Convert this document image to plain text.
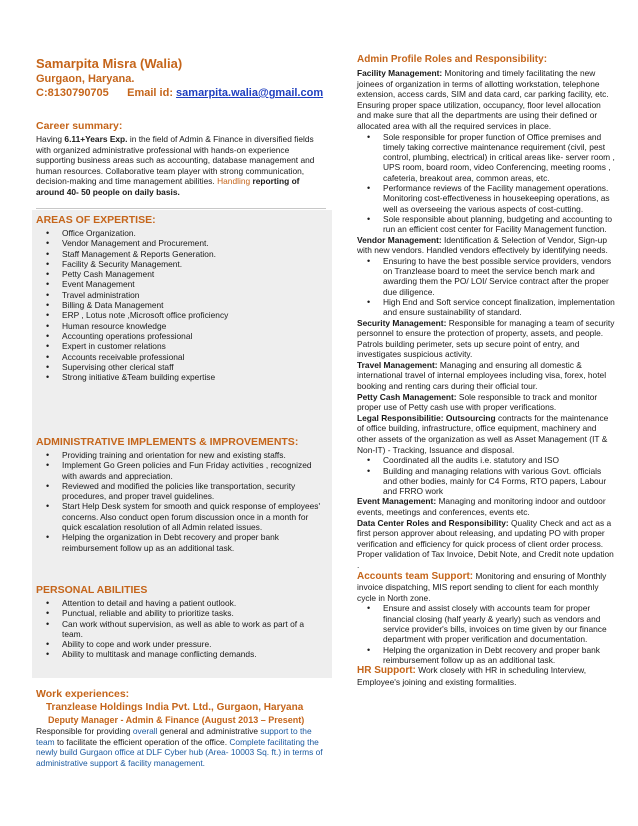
Samarpita Misra (Walia)
Gurgaon, Haryana.
C:8130790705 Email id: samarpita.walia@gmail.com
Career summary:
Having 6.11+Years Exp. in the field of Admin & Finance in diversified fields with organized administrative professional with hands-on experience supporting business areas such as accounting, database management and human resources. Collaborative team player with strong communication, decision-making and time management abilities. Handling reporting of around 40- 50 people on daily basis.
AREAS OF EXPERTISE:
• Office Organization.
• Vendor Management and Procurement.
• Staff Management & Reports Generation.
• Facility & Security Management.
• Petty Cash Management
• Event Management
• Travel administration
• Billing & Data Management
• ERP , Lotus note ,Microsoft office proficiency
• Human resource knowledge
• Accounting operations professional
• Expert in customer relations
• Accounts receivable professional
• Supervising other clerical staff
• Strong initiative &Team building expertise
ADMINISTRATIVE IMPLEMENTS & IMPROVEMENTS:
• Providing training and orientation for new and existing staffs.
• Implement Go Green policies and Fun Friday activities , recognized with awards and appreciation.
• Reviewed and modified the policies like transportation, security procedures, and proper travel guidelines.
• Start Help Desk system for smooth and quick response of employees' concerns. Also conduct open forum discussion once in a month for quick escalation resolution of all Admin related issues.
• Helping the organization in Debt recovery and proper bank reimbursement follow up as an additional task.
PERSONAL ABILITIES
• Attention to detail and having a patient outlook.
• Punctual, reliable and ability to prioritize tasks.
• Can work without supervision, as well as able to work as part of a team.
• Ability to cope and work under pressure.
• Ability to multitask and manage conflicting demands.
Work experiences:
Tranzlease Holdings India Pvt. Ltd., Gurgaon, Haryana
Deputy Manager - Admin & Finance (August 2013 – Present)
Responsible for providing overall general and administrative support to the team to facilitate the efficient operation of the office. Complete facilitating the newly build Gurgaon office at DLF Cyber hub (Area- 10003 Sq. ft.) in terms of administrative support & facility management.
Admin Profile Roles and Responsibility:
Facility Management: Monitoring and timely facilitating the new joinees of organization in terms of allotting workstation, telephone extension, access cards, SIM and data card, car parking facility, etc. Ensuring proper space utilization, occupancy, floor level allocation and make sure that all the departments are using their defined or allocated area with all the required services in place.
• Sole responsible for proper function of Office premises and timely taking corrective maintenance requirement (civil, pest control, plumbing, electrical) in critical areas like- server room , UPS room, board room, video Conferencing, meeting rooms , cafeteria, breakout area, common areas, etc.
• Performance reviews of the Facility management operations. Monitoring cost-effectiveness in housekeeping operations, as well as overseeing the various aspects of cost-cutting.
• Sole responsible about planning, budgeting and accounting to run an efficient cost center for Facility Management function.
Vendor Management: Identification & Selection of Vendor, Sign-up with new vendors. Handled vendors effectively by identifying needs.
• Ensuring to have the best possible service providers, vendors on Tranzlease board to meet the service bench mark and awarding them the PO/ LOI/ Service contract after the proper due diligence.
• High End and Soft service concept finalization, implementation and ensure sustainability of standard.
Security Management: Responsible for managing a team of security personnel to ensure the protection of property, assets, and people. Patrols building perimeter, sets up secure point of entry, and investigates suspicious activity.
Travel Management: Managing and ensuring all domestic & international travel of internal employees including visa, forex, hotel booking and renting cars during their official tour.
Petty Cash Management: Sole responsible to track and monitor proper use of Petty cash use with proper verifications.
Legal Responsibilitie: Outsourcing contracts for the maintenance of office building, infrastructure, office equipment, machinery and other assets of the organization as well as Asset Management (IT & Non-IT) - Tracking, Issuance and disposal.
• Coordinated all the audits i.e. statutory and ISO
• Building and managing relations with various Govt. officials and other bodies, mainly for C4 Forms, RTO papers, Labour and FRRO work
Event Management: Managing and monitoring indoor and outdoor events, meetings and conferences, events etc.
Data Center Roles and Responsibility: Quality Check and act as a first person approver about releasing, and updating PO with proper verification and efficiency for quick process of client order process. Proper validation of Tax Invoice, Debit Note, and Credit note updation .
Accounts team Support: Monitoring and ensuring of Monthly invoice dispatching, MIS report sending to client for each monthly cycle in North zone.
• Ensure and assist closely with accounts team for proper financial closing (half yearly & yearly) such as vendors and service provider's bills, invoices on time given by our finance department with proper verification and documentation.
• Helping the organization in Debt recovery and proper bank reimbursement follow up as an additional task.
HR Support: Work closely with HR in scheduling Interview, Employee's joining and existing formalities.
